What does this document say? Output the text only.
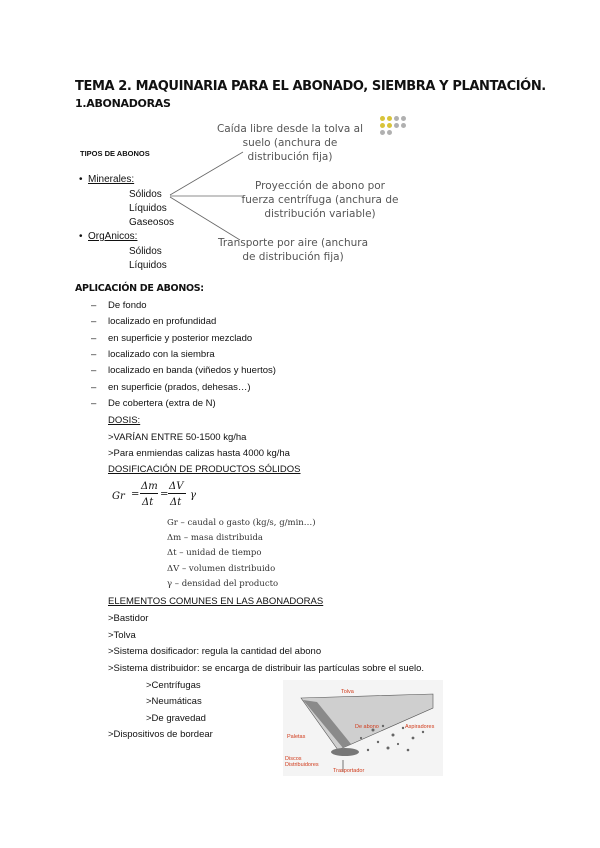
TEMA 2. MAQUINARIA PARA EL ABONADO, SIEMBRA Y PLANTACIÓN.
1.ABONADORAS
TIPOS DE ABONOS
• Minerales:
Sólidos
Líquidos
Gaseosos
• OrgAnicos:
Sólidos
Líquidos
Caída libre desde la tolva al suelo (anchura de distribución fija)
Proyección de abono por fuerza centrífuga (anchura de distribución variable)
Transporte por aire (anchura de distribución fija)
APLICACIÓN DE ABONOS:
– De fondo
– localizado en profundidad
– en superficie y posterior mezclado
– localizado con la siembra
– localizado en banda (viñedos y huertos)
– en superficie (prados, dehesas…)
– De cobertera (extra de N)
DOSIS:
>VARÍAN ENTRE 50-1500 kg/ha
>Para enmiendas calizas hasta 4000 kg/ha
DOSIFICACIÓN DE PRODUCTOS SÓLIDOS
Gr =
Δm
Δt
=
ΔV
Δt
γ
Gr – caudal o gasto (kg/s, g/min…)
Δm – masa distribuida
Δt – unidad de tiempo
ΔV – volumen distribuido
γ – densidad del producto
ELEMENTOS COMUNES EN LAS ABONADORAS
>Bastidor
>Tolva
>Sistema dosificador: regula la cantidad del abono
>Sistema distribuidor: se encarga de distribuir las partículas sobre el suelo.
>Centrífugas
>Neumáticas
>De gravedad
>Dispositivos de bordear
Tolva
Paletas
Discos Distribuidores
Aspiradores
Trasportador
De abono
